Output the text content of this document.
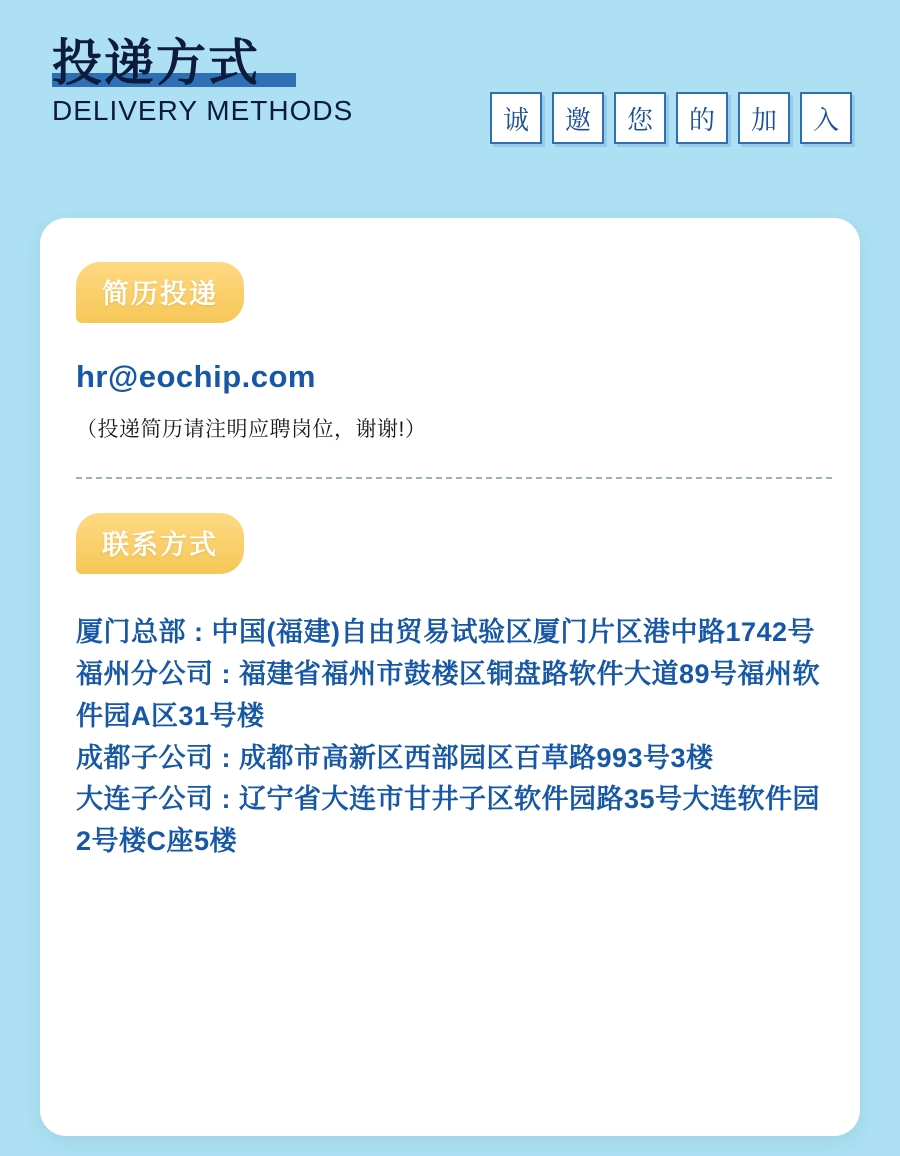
投递方式
DELIVERY METHODS	诚	邀	您	的	加	入
简历投递
hr@eochip.com
（投递简历请注明应聘岗位，谢谢!）
联系方式
厦门总部 : 中国(福建)自由贸易试验区厦门片区港中路1742号
福州分公司 : 福建省福州市鼓楼区铜盘路软件大道89号福州软件园A区31号楼
成都子公司 : 成都市高新区西部园区百草路993号3楼
大连子公司 : 辽宁省大连市甘井子区软件园路35号大连软件园2号楼C座5楼
